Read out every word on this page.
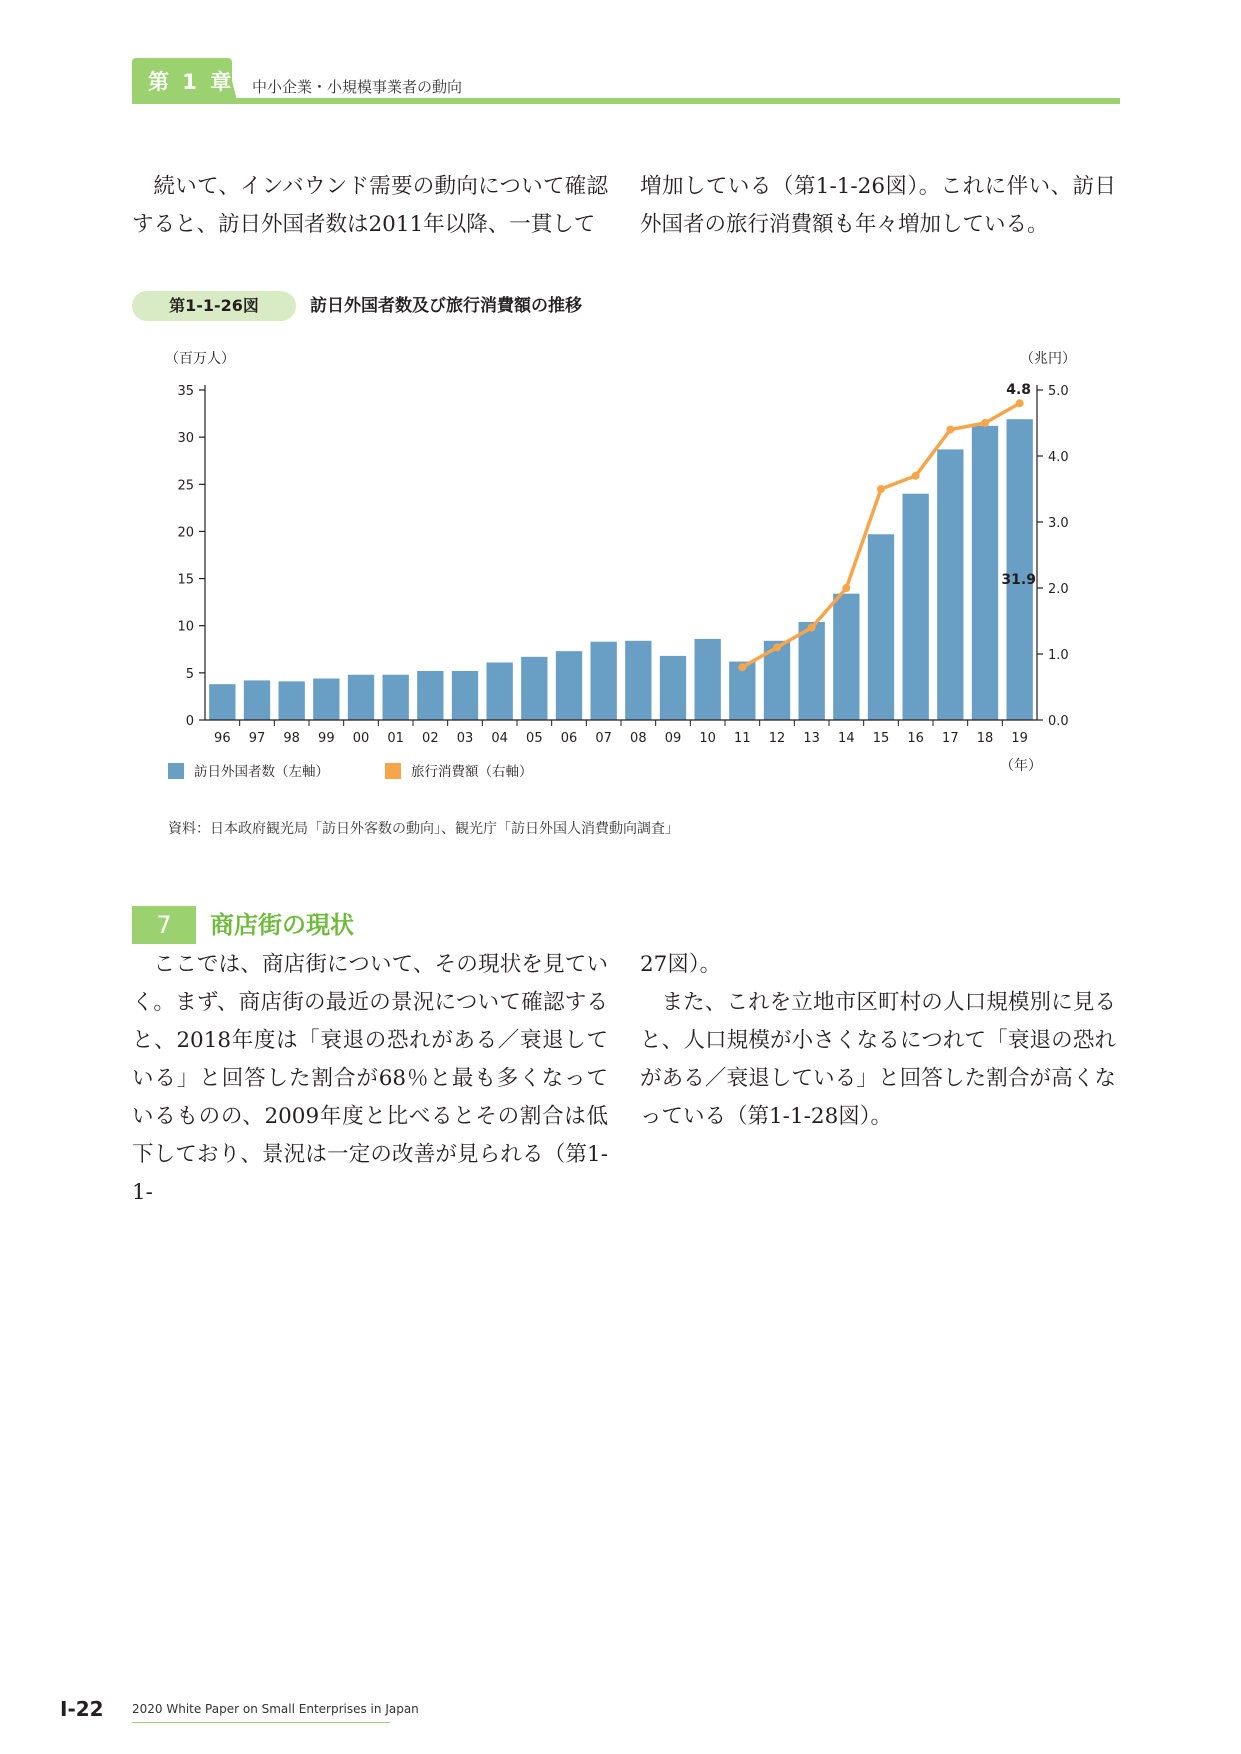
第 1 章 中小企業・小規模事業者の動向

続いて、インバウンド需要の動向について確認すると、訪日外国者数は2011年以降、一貫して

増加している（第1-1-26図）。これに伴い、訪日外国者の旅行消費額も年々増加している。

第1-1-26図	訪日外国者数及び旅行消費額の推移
0
5
10
15
20
25
30
35
0.0
1.0
2.0
3.0
4.0
5.0
96 97 98 99 00 01 02 03 04 05 06 07 08 09 10 11 12 13 14 15 16 17 18 19
（百万人）	（兆円）
（年）
31.9
4.8
訪日外国者数（左軸）	旅行消費額（右軸）
資料：日本政府観光局「訪日外客数の動向」、観光庁「訪日外国人消費動向調査」
7	商店街の現状

ここでは、商店街について、その現状を見ていく。まず、商店街の最近の景況について確認すると、2018年度は「衰退の恐れがある／衰退している」と回答した割合が68％と最も多くなっているものの、2009年度と比べるとその割合は低下しており、景況は一定の改善が見られる（第1-1-

27図）。

また、これを立地市区町村の人口規模別に見ると、人口規模が小さくなるにつれて「衰退の恐れがある／衰退している」と回答した割合が高くなっている（第1-1-28図）。

Ⅰ-22 2020 White Paper on Small Enterprises in Japan
